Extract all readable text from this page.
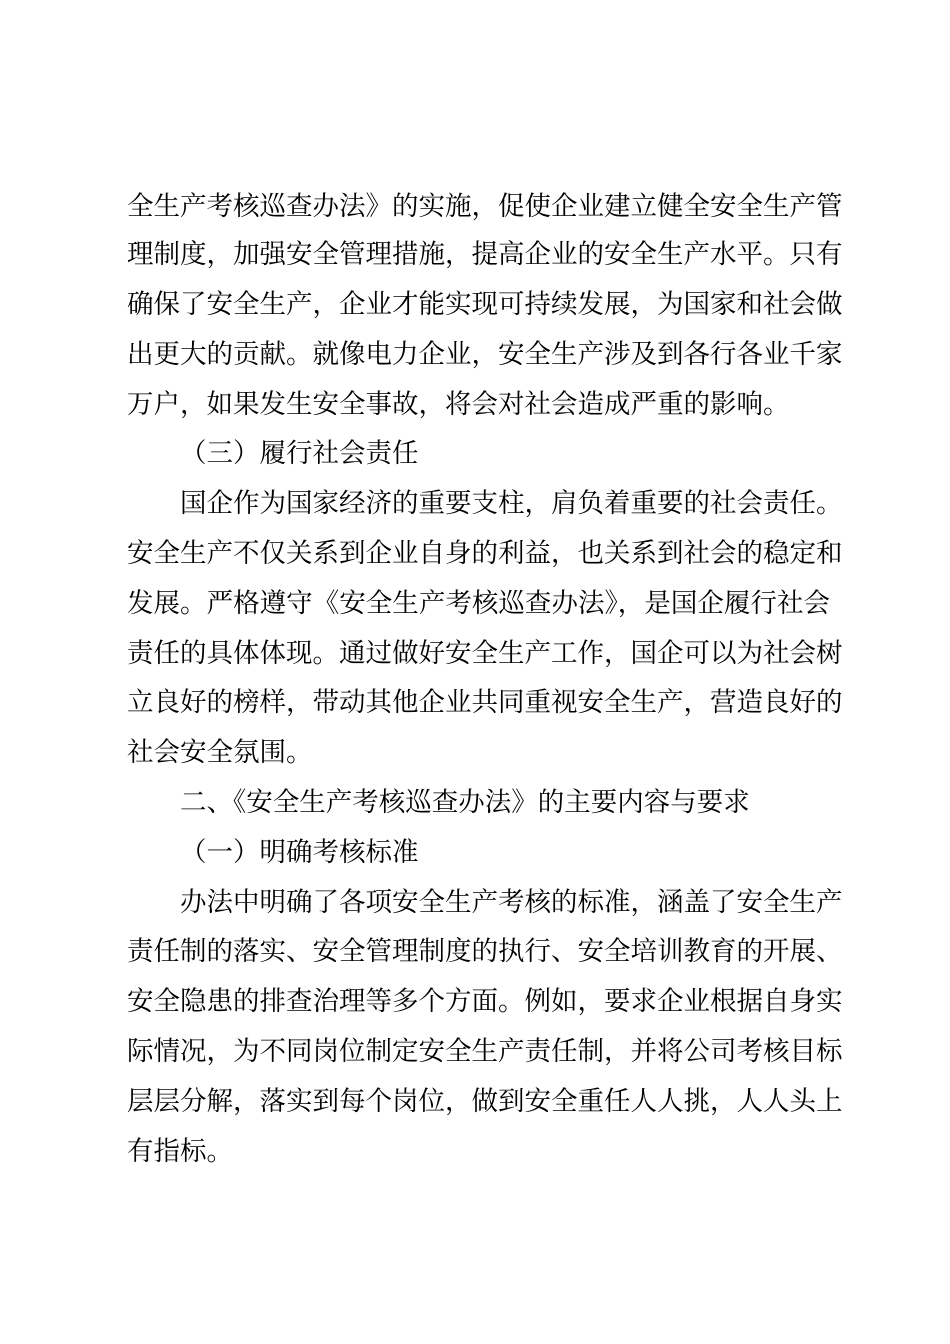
全生产考核巡查办法》的实施，促使企业建立健全安全生产管
理制度，加强安全管理措施，提高企业的安全生产水平。只有
确保了安全生产，企业才能实现可持续发展，为国家和社会做
出更大的贡献。就像电力企业，安全生产涉及到各行各业千家
万户，如果发生安全事故，将会对社会造成严重的影响。
（三）履行社会责任
国企作为国家经济的重要支柱，肩负着重要的社会责任。
安全生产不仅关系到企业自身的利益，也关系到社会的稳定和
发展。严格遵守《安全生产考核巡查办法》，是国企履行社会
责任的具体体现。通过做好安全生产工作，国企可以为社会树
立良好的榜样，带动其他企业共同重视安全生产，营造良好的
社会安全氛围。
二、《安全生产考核巡查办法》的主要内容与要求
（一）明确考核标准
办法中明确了各项安全生产考核的标准，涵盖了安全生产
责任制的落实、安全管理制度的执行、安全培训教育的开展、
安全隐患的排查治理等多个方面。例如，要求企业根据自身实
际情况，为不同岗位制定安全生产责任制，并将公司考核目标
层层分解，落实到每个岗位，做到安全重任人人挑，人人头上
有指标。
